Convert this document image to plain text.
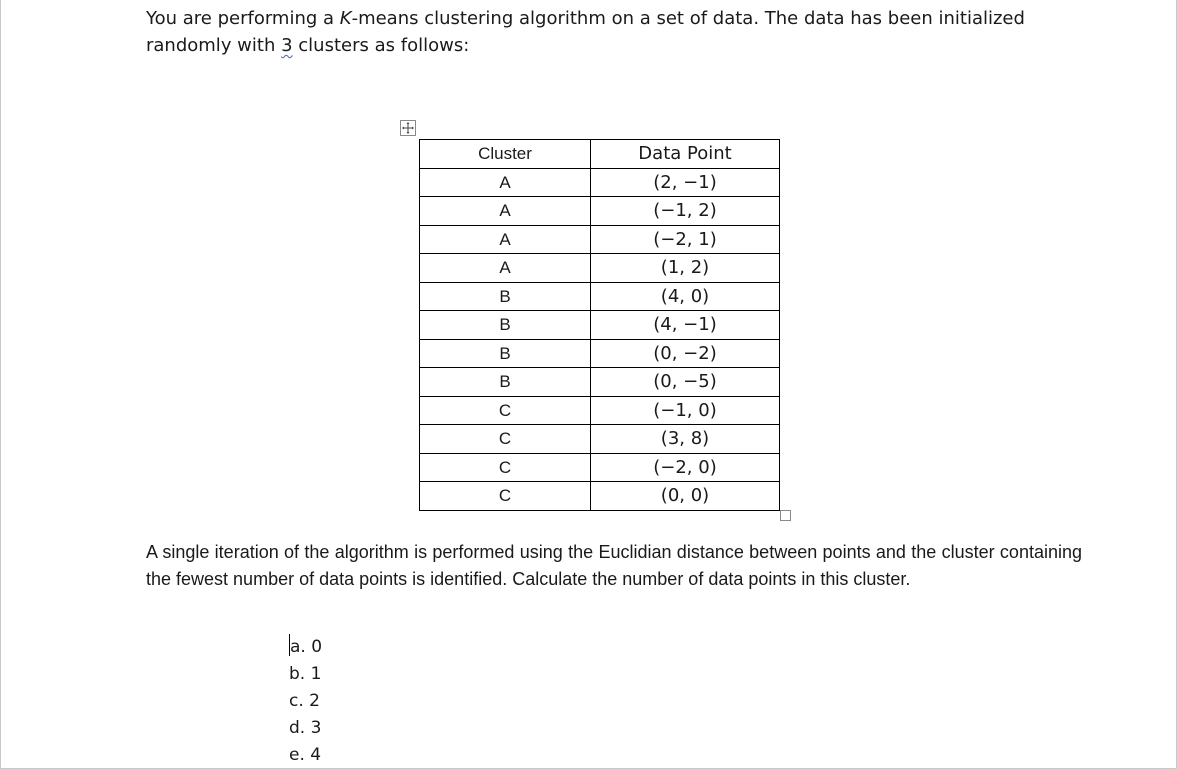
You are performing a K-means clustering algorithm on a set of data. The data has been initialized randomly with 3 clusters as follows:

Cluster	Data Point
A	(2, −1)
A	(−1, 2)
A	(−2, 1)
A	(1, 2)
B	(4, 0)
B	(4, −1)
B	(0, −2)
B	(0, −5)
C	(−1, 0)
C	(3, 8)
C	(−2, 0)
C	(0, 0)

A single iteration of the algorithm is performed using the Euclidian distance between points and the cluster containing the fewest number of data points is identified. Calculate the number of data points in this cluster.

a. 0
b. 1
c. 2
d. 3
e. 4
